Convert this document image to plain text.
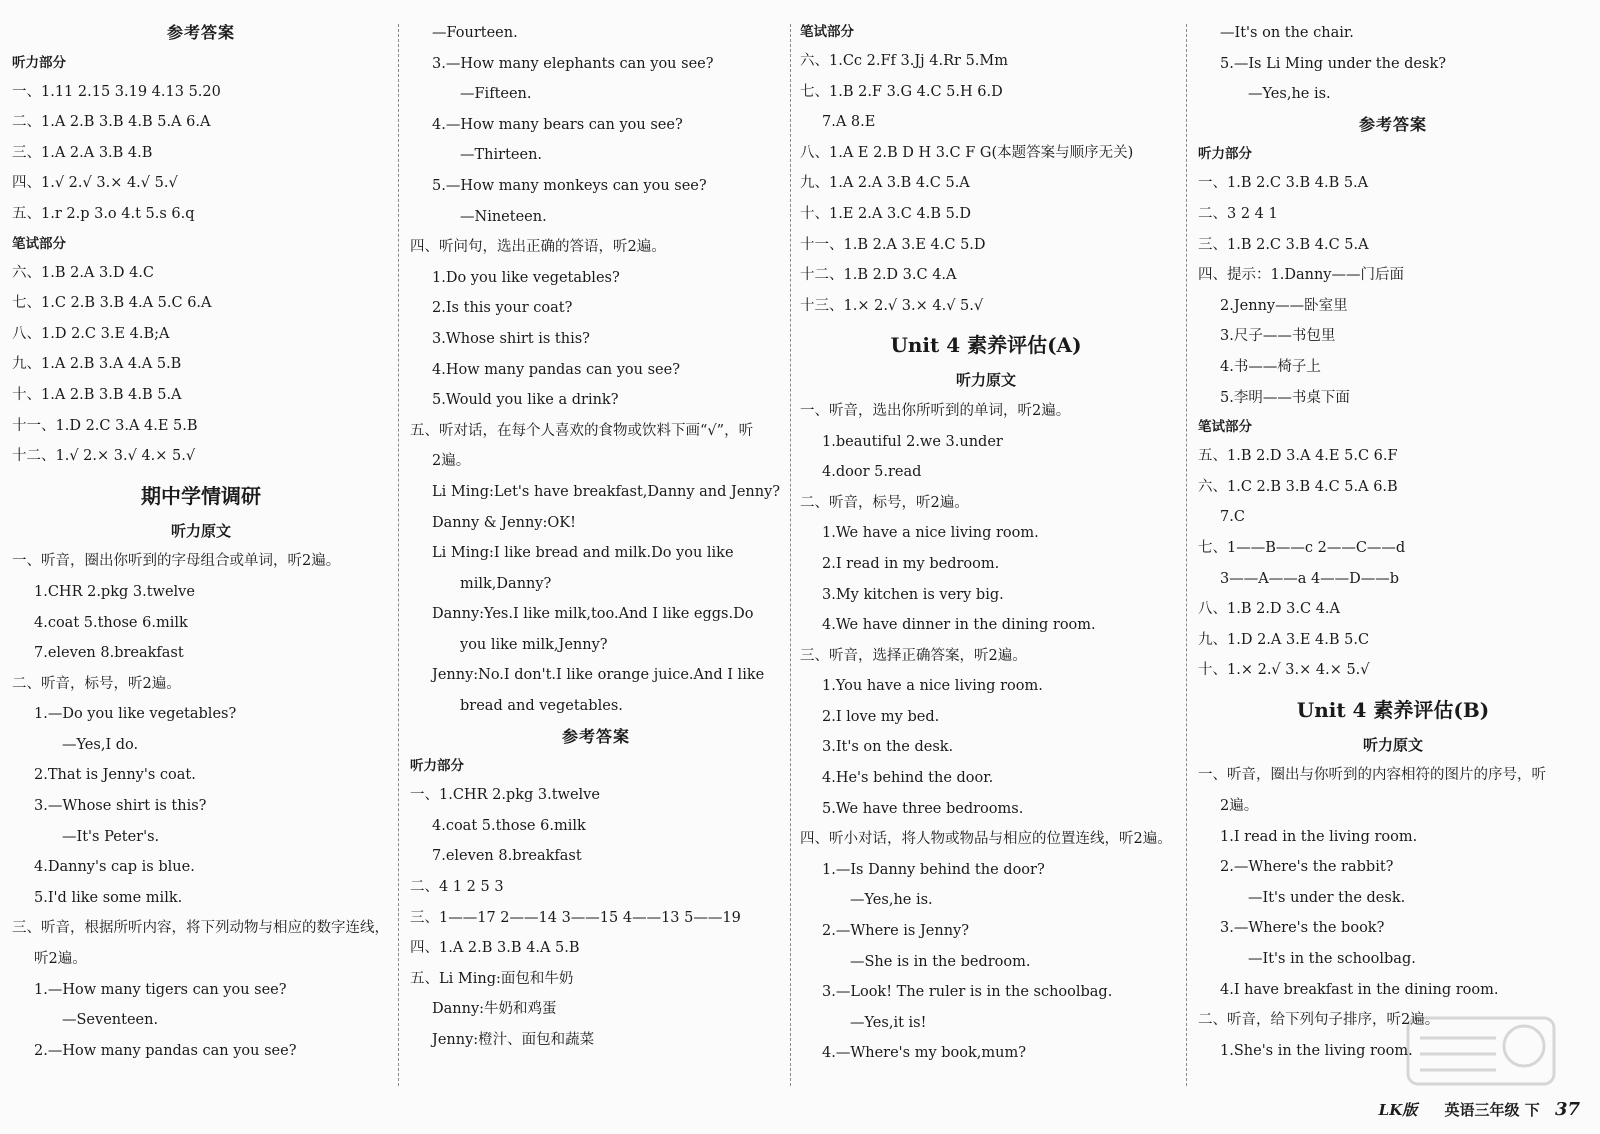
参考答案
听力部分
一、1.11 2.15 3.19 4.13 5.20
二、1.A 2.B 3.B 4.B 5.A 6.A
三、1.A 2.A 3.B 4.B
四、1.√ 2.√ 3.× 4.√ 5.√
五、1.r 2.p 3.o 4.t 5.s 6.q
笔试部分
六、1.B 2.A 3.D 4.C
七、1.C 2.B 3.B 4.A 5.C 6.A
八、1.D 2.C 3.E 4.B;A
九、1.A 2.B 3.A 4.A 5.B
十、1.A 2.B 3.B 4.B 5.A
十一、1.D 2.C 3.A 4.E 5.B
十二、1.√ 2.× 3.√ 4.× 5.√
期中学情调研
听力原文
一、听音，圈出你听到的字母组合或单词，听2遍。
1.CHR 2.pkg 3.twelve
4.coat 5.those 6.milk
7.eleven 8.breakfast
二、听音，标号，听2遍。
1.—Do you like vegetables?
—Yes,I do.
2.That is Jenny's coat.
3.—Whose shirt is this?
—It's Peter's.
4.Danny's cap is blue.
5.I'd like some milk.
三、听音，根据所听内容，将下列动物与相应的数字连线，
听2遍。
1.—How many tigers can you see?
—Seventeen.
2.—How many pandas can you see?
—Fourteen.
3.—How many elephants can you see?
—Fifteen.
4.—How many bears can you see?
—Thirteen.
5.—How many monkeys can you see?
—Nineteen.
四、听问句，选出正确的答语，听2遍。
1.Do you like vegetables?
2.Is this your coat?
3.Whose shirt is this?
4.How many pandas can you see?
5.Would you like a drink?
五、听对话，在每个人喜欢的食物或饮料下画“√”，听
2遍。
Li Ming:Let's have breakfast,Danny and Jenny?
Danny & Jenny:OK!
Li Ming:I like bread and milk.Do you like
milk,Danny?
Danny:Yes.I like milk,too.And I like eggs.Do
you like milk,Jenny?
Jenny:No.I don't.I like orange juice.And I like
bread and vegetables.
参考答案
听力部分
一、1.CHR 2.pkg 3.twelve
4.coat 5.those 6.milk
7.eleven 8.breakfast
二、4 1 2 5 3
三、1——17 2——14 3——15 4——13 5——19
四、1.A 2.B 3.B 4.A 5.B
五、Li Ming:面包和牛奶
Danny:牛奶和鸡蛋
Jenny:橙汁、面包和蔬菜
笔试部分
六、1.Cc 2.Ff 3.Jj 4.Rr 5.Mm
七、1.B 2.F 3.G 4.C 5.H 6.D
7.A 8.E
八、1.A E 2.B D H 3.C F G(本题答案与顺序无关)
九、1.A 2.A 3.B 4.C 5.A
十、1.E 2.A 3.C 4.B 5.D
十一、1.B 2.A 3.E 4.C 5.D
十二、1.B 2.D 3.C 4.A
十三、1.× 2.√ 3.× 4.√ 5.√
Unit 4 素养评估(A)
听力原文
一、听音，选出你所听到的单词，听2遍。
1.beautiful 2.we 3.under
4.door 5.read
二、听音，标号，听2遍。
1.We have a nice living room.
2.I read in my bedroom.
3.My kitchen is very big.
4.We have dinner in the dining room.
三、听音，选择正确答案，听2遍。
1.You have a nice living room.
2.I love my bed.
3.It's on the desk.
4.He's behind the door.
5.We have three bedrooms.
四、听小对话，将人物或物品与相应的位置连线，听2遍。
1.—Is Danny behind the door?
—Yes,he is.
2.—Where is Jenny?
—She is in the bedroom.
3.—Look! The ruler is in the schoolbag.
—Yes,it is!
4.—Where's my book,mum?
—It's on the chair.
5.—Is Li Ming under the desk?
—Yes,he is.
参考答案
听力部分
一、1.B 2.C 3.B 4.B 5.A
二、3 2 4 1
三、1.B 2.C 3.B 4.C 5.A
四、提示：1.Danny——门后面
2.Jenny——卧室里
3.尺子——书包里
4.书——椅子上
5.李明——书桌下面
笔试部分
五、1.B 2.D 3.A 4.E 5.C 6.F
六、1.C 2.B 3.B 4.C 5.A 6.B
7.C
七、1——B——c 2——C——d
3——A——a 4——D——b
八、1.B 2.D 3.C 4.A
九、1.D 2.A 3.E 4.B 5.C
十、1.× 2.√ 3.× 4.× 5.√
Unit 4 素养评估(B)
听力原文
一、听音，圈出与你听到的内容相符的图片的序号，听
2遍。
1.I read in the living room.
2.—Where's the rabbit?
—It's under the desk.
3.—Where's the book?
—It's in the schoolbag.
4.I have breakfast in the dining room.
二、听音，给下列句子排序，听2遍。
1.She's in the living room.
LK版 英语三年级 下 37
